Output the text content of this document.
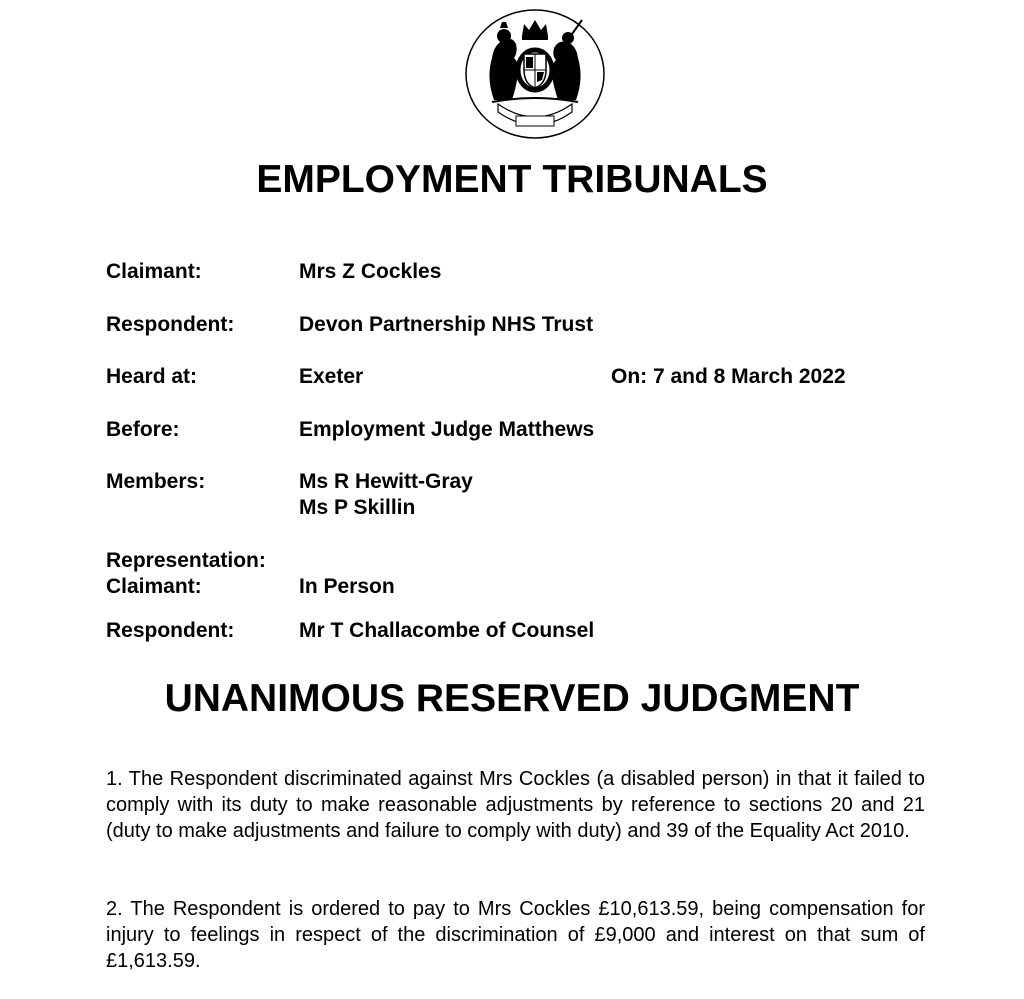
EMPLOYMENT TRIBUNALS
Claimant:	Mrs Z Cockles
Respondent:	Devon Partnership NHS Trust
Heard at:	Exeter	On: 7 and 8 March 2022
Before:	Employment Judge Matthews
Members:	Ms R Hewitt-Gray
Ms P Skillin
Representation:
Claimant:	In Person
Respondent:	Mr T Challacombe of Counsel
UNANIMOUS RESERVED JUDGMENT

1. The Respondent discriminated against Mrs Cockles (a disabled person) in that it failed to comply with its duty to make reasonable adjustments by reference to sections 20 and 21 (duty to make adjustments and failure to comply with duty) and 39 of the Equality Act 2010.

2. The Respondent is ordered to pay to Mrs Cockles £10,613.59, being compensation for injury to feelings in respect of the discrimination of £9,000 and interest on that sum of £1,613.59.
